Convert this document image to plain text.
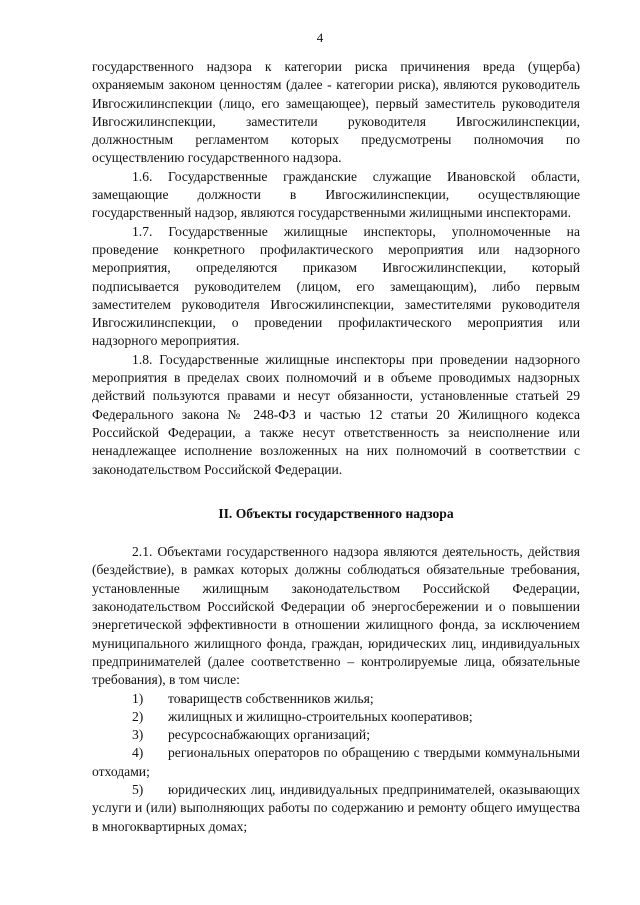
4

государственного надзора к категории риска причинения вреда (ущерба) охраняемым законом ценностям (далее - категории риска), являются руководитель Ивгосжилинспекции (лицо, его замещающее), первый заместитель руководителя Ивгосжилинспекции, заместители руководителя Ивгосжилинспекции, должностным регламентом которых предусмотрены полномочия по осуществлению государственного надзора.

1.6. Государственные гражданские служащие Ивановской области, замещающие должности в Ивгосжилинспекции, осуществляющие государственный надзор, являются государственными жилищными инспекторами.

1.7. Государственные жилищные инспекторы, уполномоченные на проведение конкретного профилактического мероприятия или надзорного мероприятия, определяются приказом Ивгосжилинспекции, который подписывается руководителем (лицом, его замещающим), либо первым заместителем руководителя Ивгосжилинспекции, заместителями руководителя Ивгосжилинспекции, о проведении профилактического мероприятия или надзорного мероприятия.

1.8. Государственные жилищные инспекторы при проведении надзорного мероприятия в пределах своих полномочий и в объеме проводимых надзорных действий пользуются правами и несут обязанности, установленные статьей 29 Федерального закона № 248-ФЗ и частью 12 статьи 20 Жилищного кодекса Российской Федерации, а также несут ответственность за неисполнение или ненадлежащее исполнение возложенных на них полномочий в соответствии с законодательством Российской Федерации.

II. Объекты государственного надзора

2.1. Объектами государственного надзора являются деятельность, действия (бездействие), в рамках которых должны соблюдаться обязательные требования, установленные жилищным законодательством Российской Федерации, законодательством Российской Федерации об энергосбережении и о повышении энергетической эффективности в отношении жилищного фонда, за исключением муниципального жилищного фонда, граждан, юридических лиц, индивидуальных предпринимателей (далее соответственно – контролируемые лица, обязательные требования), в том числе:

1) товариществ собственников жилья;

2) жилищных и жилищно-строительных кооперативов;

3) ресурсоснабжающих организаций;

4) региональных операторов по обращению с твердыми коммунальными отходами;

5) юридических лиц, индивидуальных предпринимателей, оказывающих услуги и (или) выполняющих работы по содержанию и ремонту общего имущества в многоквартирных домах;
